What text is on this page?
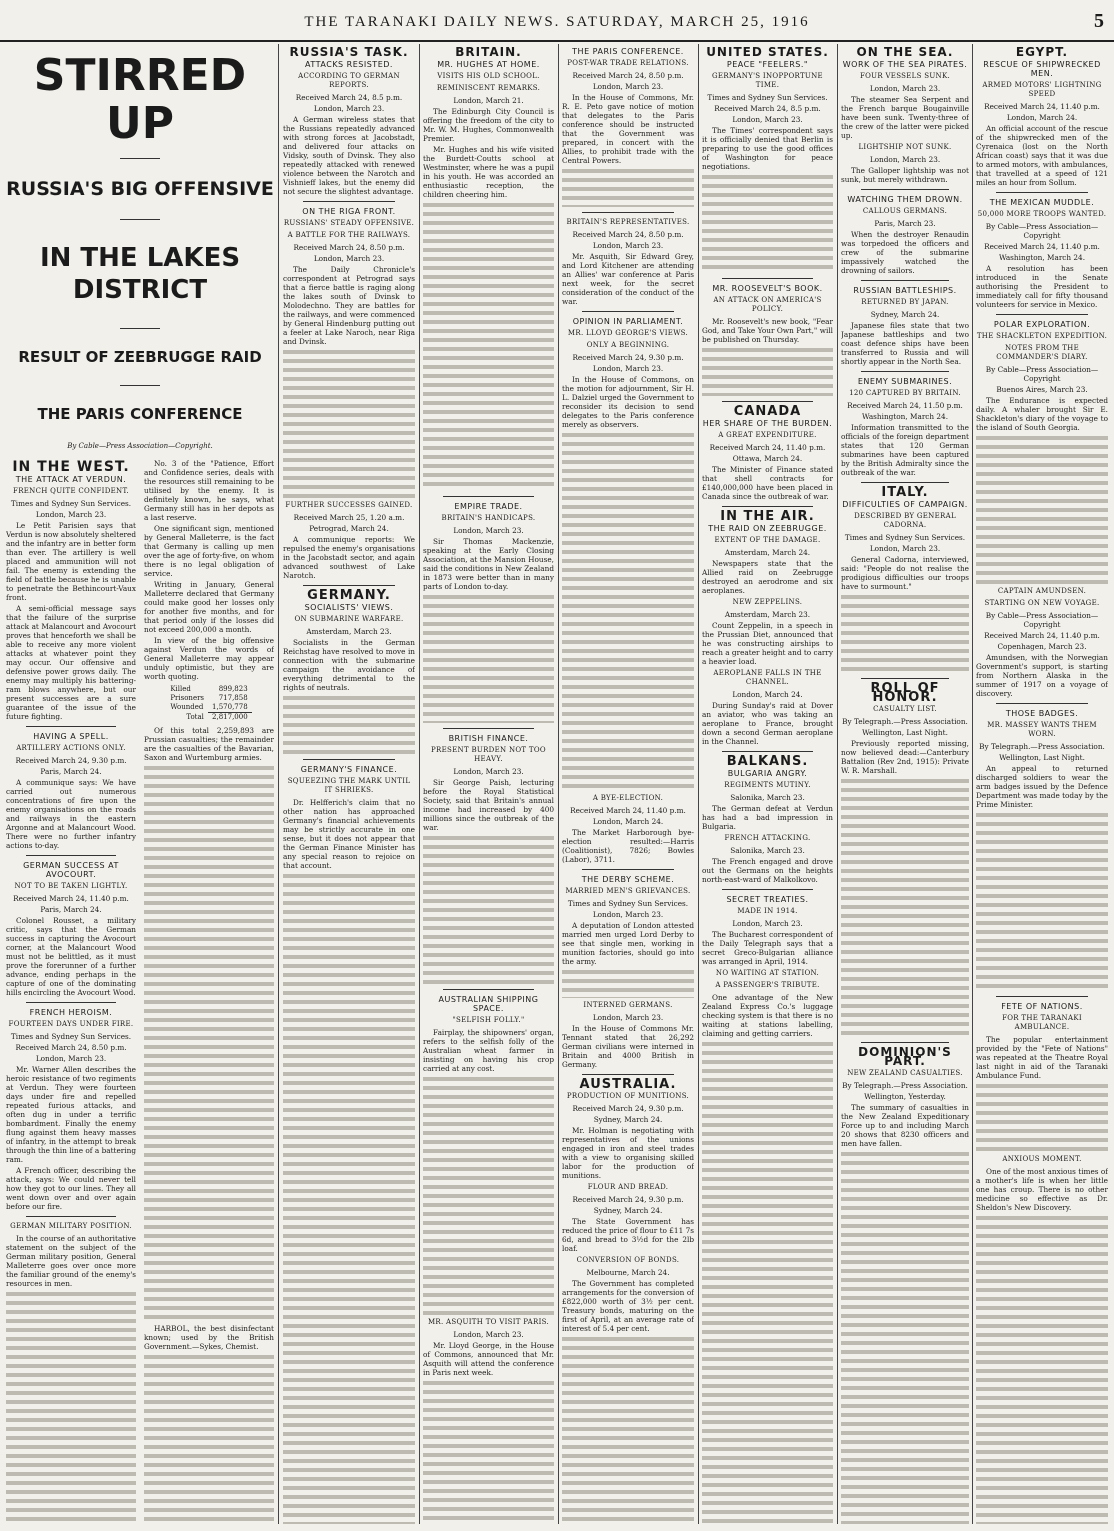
THE TARANAKI DAILY NEWS. SATURDAY, MARCH 25, 1916	5
STIRRED UP
RUSSIA'S BIG OFFENSIVE
IN THE LAKES DISTRICT
RESULT OF ZEEBRUGGE RAID
THE PARIS CONFERENCE
By Cable—Press Association—Copyright.
IN THE WEST.
THE ATTACK AT VERDUN.
FRENCH QUITE CONFIDENT.

Times and Sydney Sun Services.

London, March 23.

Le Petit Parisien says that Verdun is now absolutely sheltered and the infantry are in better form than ever. The artillery is well placed and ammunition will not fail. The enemy is extending the field of battle because he is unable to penetrate the Bethincourt-Vaux front.

A semi-official message says that the failure of the surprise attack at Malancourt and Avocourt proves that henceforth we shall be able to receive any more violent attacks at whatever point they may occur. Our offensive and defensive power grows daily. The enemy may multiply his battering-ram blows anywhere, but our present successes are a sure guarantee of the issue of the future fighting.

HAVING A SPELL.
ARTILLERY ACTIONS ONLY.

Received March 24, 9.30 p.m.

Paris, March 24.

A communique says: We have carried out numerous concentrations of fire upon the enemy organisations on the roads and railways in the eastern Argonne and at Malancourt Wood. There were no further infantry actions to-day.

GERMAN SUCCESS AT AVOCOURT.
NOT TO BE TAKEN LIGHTLY.

Received March 24, 11.40 p.m.

Paris, March 24.

Colonel Rousset, a military critic, says that the German success in capturing the Avocourt corner, at the Malancourt Wood must not be belittled, as it must prove the forerunner of a further advance, ending perhaps in the capture of one of the dominating hills encircling the Avocourt Wood.

FRENCH HEROISM.
FOURTEEN DAYS UNDER FIRE.

Times and Sydney Sun Services.

Received March 24, 8.50 p.m.

London, March 23.

Mr. Warner Allen describes the heroic resistance of two regiments at Verdun. They were fourteen days under fire and repelled repeated furious attacks, and often dug in under a terrific bombardment. Finally the enemy flung against them heavy masses of infantry, in the attempt to break through the thin line of a battering ram.

A French officer, describing the attack, says: We could never tell how they got to our lines. They all went down over and over again before our fire.

GERMAN MILITARY POSITION.

In the course of an authoritative statement on the subject of the German military position, General Malleterre goes over once more the familiar ground of the enemy's resources in men.

No. 3 of the "Patience, Effort and Confidence series, deals with the resources still remaining to be utilised by the enemy. It is definitely known, he says, what Germany still has in her depots as a last reserve.

One significant sign, mentioned by General Malleterre, is the fact that Germany is calling up men over the age of forty-five, on whom there is no legal obligation of service.

Writing in January, General Malleterre declared that Germany could make good her losses only for another five months, and for that period only if the losses did not exceed 200,000 a month.

In view of the big offensive against Verdun the words of General Malleterre may appear unduly optimistic, but they are worth quoting.

Killed	899,823
Prisoners	717,858
Wounded	1,570,778
Total	2,817,000

Of this total 2,259,893 are Prussian casualties; the remainder are the casualties of the Bavarian, Saxon and Wurtemburg armies.

HARBOL, the best disinfectant known; used by the British Government.—Sykes, Chemist.

RUSSIA'S TASK.
ATTACKS RESISTED.
ACCORDING TO GERMAN REPORTS.

Received March 24, 8.5 p.m.

London, March 23.

A German wireless states that the Russians repeatedly advanced with strong forces at Jacobstadt, and delivered four attacks on Vidsky, south of Dvinsk. They also repeatedly attacked with renewed violence between the Narotch and Vishnieff lakes, but the enemy did not secure the slightest advantage.

ON THE RIGA FRONT.
RUSSIANS' STEADY OFFENSIVE.
A BATTLE FOR THE RAILWAYS.

Received March 24, 8.50 p.m.

London, March 23.

The Daily Chronicle's correspondent at Petrograd says that a fierce battle is raging along the lakes south of Dvinsk to Molodechno. They are battles for the railways, and were commenced by General Hindenburg putting out a feeler at Lake Naroch, near Riga and Dvinsk.

FURTHER SUCCESSES GAINED.

Received March 25, 1.20 a.m.

Petrograd, March 24.

A communique reports: We repulsed the enemy's organisations in the Jacobstadt sector, and again advanced southwest of Lake Narotch.

GERMANY.
SOCIALISTS' VIEWS.
ON SUBMARINE WARFARE.

Amsterdam, March 23.

Socialists in the German Reichstag have resolved to move in connection with the submarine campaign the avoidance of everything detrimental to the rights of neutrals.

GERMANY'S FINANCE.
SQUEEZING THE MARK UNTIL IT SHRIEKS.

Dr. Helfferich's claim that no other nation has approached Germany's financial achievements may be strictly accurate in one sense, but it does not appear that the German Finance Minister has any special reason to rejoice on that account.

BRITAIN.
MR. HUGHES AT HOME.
VISITS HIS OLD SCHOOL.
REMINISCENT REMARKS.

London, March 21.

The Edinburgh City Council is offering the freedom of the city to Mr. W. M. Hughes, Commonwealth Premier.

Mr. Hughes and his wife visited the Burdett-Coutts school at Westminster, where he was a pupil in his youth. He was accorded an enthusiastic reception, the children cheering him.

EMPIRE TRADE.
BRITAIN'S HANDICAPS.

London, March 23.

Sir Thomas Mackenzie, speaking at the Early Closing Association, at the Mansion House, said the conditions in New Zealand in 1873 were better than in many parts of London to-day.

BRITISH FINANCE.
PRESENT BURDEN NOT TOO HEAVY.

London, March 23.

Sir George Paish, lecturing before the Royal Statistical Society, said that Britain's annual income had increased by 400 millions since the outbreak of the war.

AUSTRALIAN SHIPPING SPACE.
"SELFISH FOLLY."

Fairplay, the shipowners' organ, refers to the selfish folly of the Australian wheat farmer in insisting on having his crop carried at any cost.

MR. ASQUITH TO VISIT PARIS.

London, March 23.

Mr. Lloyd George, in the House of Commons, announced that Mr. Asquith will attend the conference in Paris next week.

THE PARIS CONFERENCE.
POST-WAR TRADE RELATIONS.

Received March 24, 8.50 p.m.

London, March 23.

In the House of Commons, Mr. R. E. Peto gave notice of motion that delegates to the Paris conference should be instructed that the Government was prepared, in concert with the Allies, to prohibit trade with the Central Powers.

BRITAIN'S REPRESENTATIVES.

Received March 24, 8.50 p.m.

London, March 23.

Mr. Asquith, Sir Edward Grey, and Lord Kitchener are attending an Allies' war conference at Paris next week, for the secret consideration of the conduct of the war.

OPINION IN PARLIAMENT.
MR. LLOYD GEORGE'S VIEWS.
ONLY A BEGINNING.

Received March 24, 9.30 p.m.

London, March 23.

In the House of Commons, on the motion for adjournment, Sir H. L. Dalziel urged the Government to reconsider its decision to send delegates to the Paris conference merely as observers.

A BYE-ELECTION.

Received March 24, 11.40 p.m.

London, March 24.

The Market Harborough bye-election resulted:—Harris (Coalitionist), 7826; Bowles (Labor), 3711.

THE DERBY SCHEME.
MARRIED MEN'S GRIEVANCES.

Times and Sydney Sun Services.

London, March 23.

A deputation of London attested married men urged Lord Derby to see that single men, working in munition factories, should go into the army.

INTERNED GERMANS.

London, March 23.

In the House of Commons Mr. Tennant stated that 26,292 German civilians were interned in Britain and 4000 British in Germany.

AUSTRALIA.
PRODUCTION OF MUNITIONS.

Received March 24, 9.30 p.m.

Sydney, March 24.

Mr. Holman is negotiating with representatives of the unions engaged in iron and steel trades with a view to organising skilled labor for the production of munitions.

FLOUR AND BREAD.

Received March 24, 9.30 p.m.

Sydney, March 24.

The State Government has reduced the price of flour to £11 7s 6d, and bread to 3½d for the 2lb loaf.

CONVERSION OF BONDS.

Melbourne, March 24.

The Government has completed arrangements for the conversion of £822,000 worth of 3½ per cent. Treasury bonds, maturing on the first of April, at an average rate of interest of 5.4 per cent.

UNITED STATES.
PEACE "FEELERS."
GERMANY'S INOPPORTUNE TIME.

Times and Sydney Sun Services.

Received March 24, 8.5 p.m.

London, March 23.

The Times' correspondent says it is officially denied that Berlin is preparing to use the good offices of Washington for peace negotiations.

MR. ROOSEVELT'S BOOK.
AN ATTACK ON AMERICA'S POLICY.

Mr. Roosevelt's new book, "Fear God, and Take Your Own Part," will be published on Thursday.

CANADA
HER SHARE OF THE BURDEN.
A GREAT EXPENDITURE.

Received March 24, 11.40 p.m.

Ottawa, March 24.

The Minister of Finance stated that shell contracts for £140,000,000 have been placed in Canada since the outbreak of war.

IN THE AIR.
THE RAID ON ZEEBRUGGE.
EXTENT OF THE DAMAGE.

Amsterdam, March 24.

Newspapers state that the Allied raid on Zeebrugge destroyed an aerodrome and six aeroplanes.

NEW ZEPPELINS.

Amsterdam, March 23.

Count Zeppelin, in a speech in the Prussian Diet, announced that he was constructing airships to reach a greater height and to carry a heavier load.

AEROPLANE FALLS IN THE CHANNEL.

London, March 24.

During Sunday's raid at Dover an aviator, who was taking an aeroplane to France, brought down a second German aeroplane in the Channel.

BALKANS.
BULGARIA ANGRY.
REGIMENTS MUTINY.

Salonika, March 23.

The German defeat at Verdun has had a bad impression in Bulgaria.

FRENCH ATTACKING.

Salonika, March 23.

The French engaged and drove out the Germans on the heights north-east-ward of Malkolkovo.

SECRET TREATIES.
MADE IN 1914.

London, March 23.

The Bucharest correspondent of the Daily Telegraph says that a secret Greco-Bulgarian alliance was arranged in April, 1914.

NO WAITING AT STATION.
A PASSENGER'S TRIBUTE.

One advantage of the New Zealand Express Co.'s luggage checking system is that there is no waiting at stations labelling, claiming and getting carriers.

ON THE SEA.
WORK OF THE SEA PIRATES.
FOUR VESSELS SUNK.

London, March 23.

The steamer Sea Serpent and the French barque Bougainville have been sunk. Twenty-three of the crew of the latter were picked up.

LIGHTSHIP NOT SUNK.

London, March 23.

The Galloper lightship was not sunk, but merely withdrawn.

WATCHING THEM DROWN.
CALLOUS GERMANS.

Paris, March 23.

When the destroyer Renaudin was torpedoed the officers and crew of the submarine impassively watched the drowning of sailors.

RUSSIAN BATTLESHIPS.
RETURNED BY JAPAN.

Sydney, March 24.

Japanese files state that two Japanese battleships and two coast defence ships have been transferred to Russia and will shortly appear in the North Sea.

ENEMY SUBMARINES.
120 CAPTURED BY BRITAIN.

Received March 24, 11.50 p.m.

Washington, March 24.

Information transmitted to the officials of the foreign department states that 120 German submarines have been captured by the British Admiralty since the outbreak of the war.

ITALY.
DIFFICULTIES OF CAMPAIGN.
DESCRIBED BY GENERAL CADORNA.

Times and Sydney Sun Services.

London, March 23.

General Cadorna, interviewed, said: "People do not realise the prodigious difficulties our troops have to surmount."

ROLL OF HONOR.
CASUALTY LIST.

By Telegraph.—Press Association.

Wellington, Last Night.

Previously reported missing, now believed dead:—Canterbury Battalion (Rev 2nd, 1915): Private W. R. Marshall.

DOMINION'S PART.
NEW ZEALAND CASUALTIES.

By Telegraph.—Press Association.

Wellington, Yesterday.

The summary of casualties in the New Zealand Expeditionary Force up to and including March 20 shows that 8230 officers and men have fallen.

EGYPT.
RESCUE OF SHIPWRECKED MEN.
ARMED MOTORS' LIGHTNING SPEED

Received March 24, 11.40 p.m.

London, March 24.

An official account of the rescue of the shipwrecked men of the Cyrenaica (lost on the North African coast) says that it was due to armed motors, with ambulances, that travelled at a speed of 121 miles an hour from Sollum.

THE MEXICAN MUDDLE.
50,000 MORE TROOPS WANTED.

By Cable—Press Association—Copyright

Received March 24, 11.40 p.m.

Washington, March 24.

A resolution has been introduced in the Senate authorising the President to immediately call for fifty thousand volunteers for service in Mexico.

POLAR EXPLORATION.
THE SHACKLETON EXPEDITION.
NOTES FROM THE COMMANDER'S DIARY.

By Cable—Press Association—Copyright

Buenos Aires, March 23.

The Endurance is expected daily. A whaler brought Sir E. Shackleton's diary of the voyage to the island of South Georgia.

CAPTAIN AMUNDSEN.
STARTING ON NEW VOYAGE.

By Cable—Press Association—Copyright

Received March 24, 11.40 p.m.

Copenhagen, March 23.

Amundsen, with the Norwegian Government's support, is starting from Northern Alaska in the summer of 1917 on a voyage of discovery.

THOSE BADGES.
MR. MASSEY WANTS THEM WORN.

By Telegraph.—Press Association.

Wellington, Last Night.

An appeal to returned discharged soldiers to wear the arm badges issued by the Defence Department was made today by the Prime Minister.

FETE OF NATIONS.
FOR THE TARANAKI AMBULANCE.

The popular entertainment provided by the "Fete of Nations" was repeated at the Theatre Royal last night in aid of the Taranaki Ambulance Fund.

ANXIOUS MOMENT.

One of the most anxious times of a mother's life is when her little one has croup. There is no other medicine so effective as Dr. Sheldon's New Discovery.
